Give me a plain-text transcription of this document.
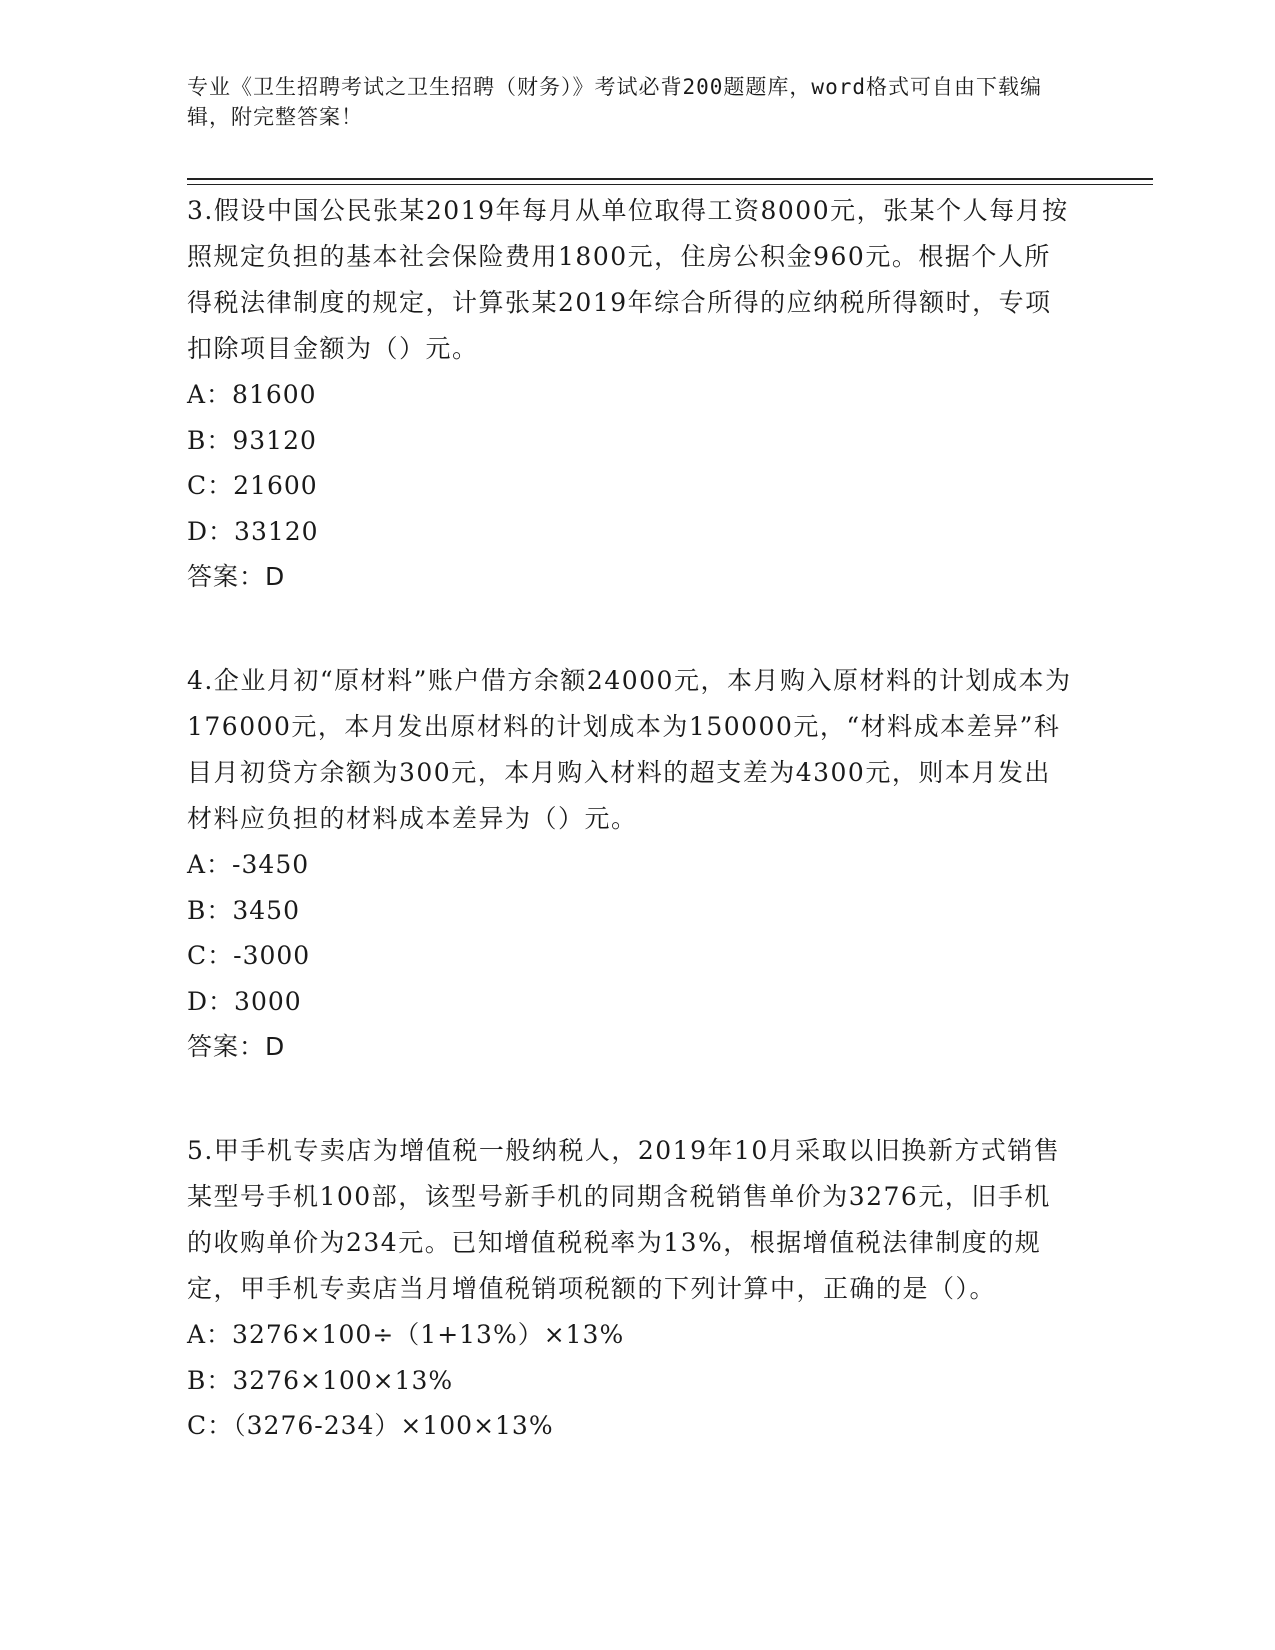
专业《卫生招聘考试之卫生招聘（财务）》考试必背200题题库，word格式可自由下载编辑，附完整答案！

3.假设中国公民张某2019年每月从单位取得工资8000元，张某个人每月按照规定负担的基本社会保险费用1800元，住房公积金960元。根据个人所得税法律制度的规定，计算张某2019年综合所得的应纳税所得额时，专项扣除项目金额为（）元。

A：81600

B：93120

C：21600

D：33120

答案：D

4.企业月初“原材料”账户借方余额24000元，本月购入原材料的计划成本为176000元，本月发出原材料的计划成本为150000元，“材料成本差异”科目月初贷方余额为300元，本月购入材料的超支差为4300元，则本月发出材料应负担的材料成本差异为（）元。

A：-3450

B：3450

C：-3000

D：3000

答案：D

5.甲手机专卖店为增值税一般纳税人，2019年10月采取以旧换新方式销售某型号手机100部，该型号新手机的同期含税销售单价为3276元，旧手机的收购单价为234元。已知增值税税率为13%，根据增值税法律制度的规定，甲手机专卖店当月增值税销项税额的下列计算中，正确的是（）。

A：3276×100÷（1+13%）×13%

B：3276×100×13%

C：（3276-234）×100×13%
